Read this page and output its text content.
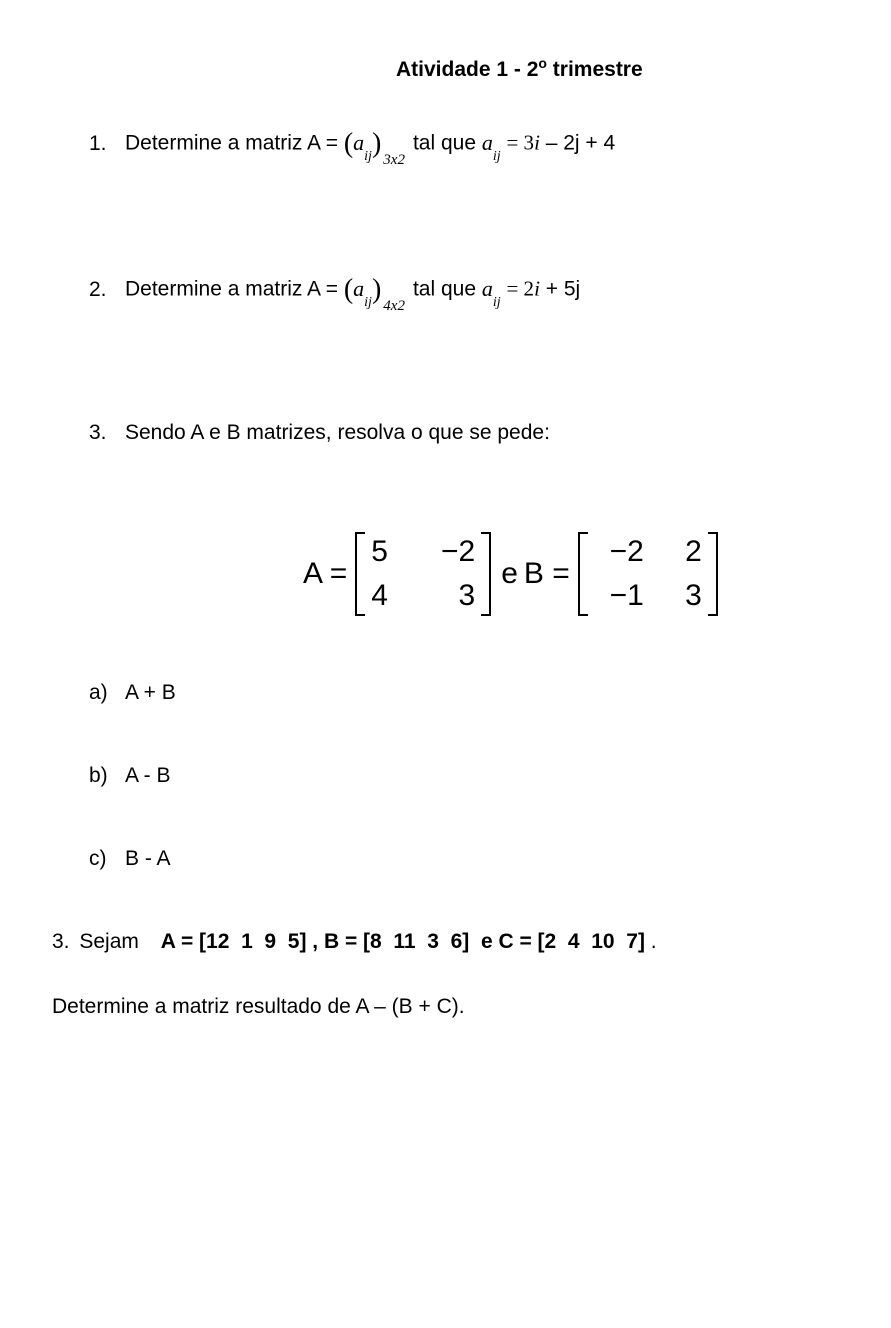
Atividade 1 - 2$^o$ trimestre
1. Determine a matriz $A = (a_{ij})_{3x2}tal$ que $a_{ij} = 3i - 2j + 4$
2. Determine a matriz $A = (a_{ij})_{4x2}tal$ que $a_{ij} = 2i + 5j$
3. Sendo A e B matrizes, resolva o que se pede:
A =
5	−2
4	3
e B =
−2	2
−1	3
a) A + B
b) A - B
c) B - A
3. Sejam A = [12  1  9  5] , B = [8  11  3  6]  e C = [2  4  10  7] .
Determine a matriz resultado de A – (B + C).
